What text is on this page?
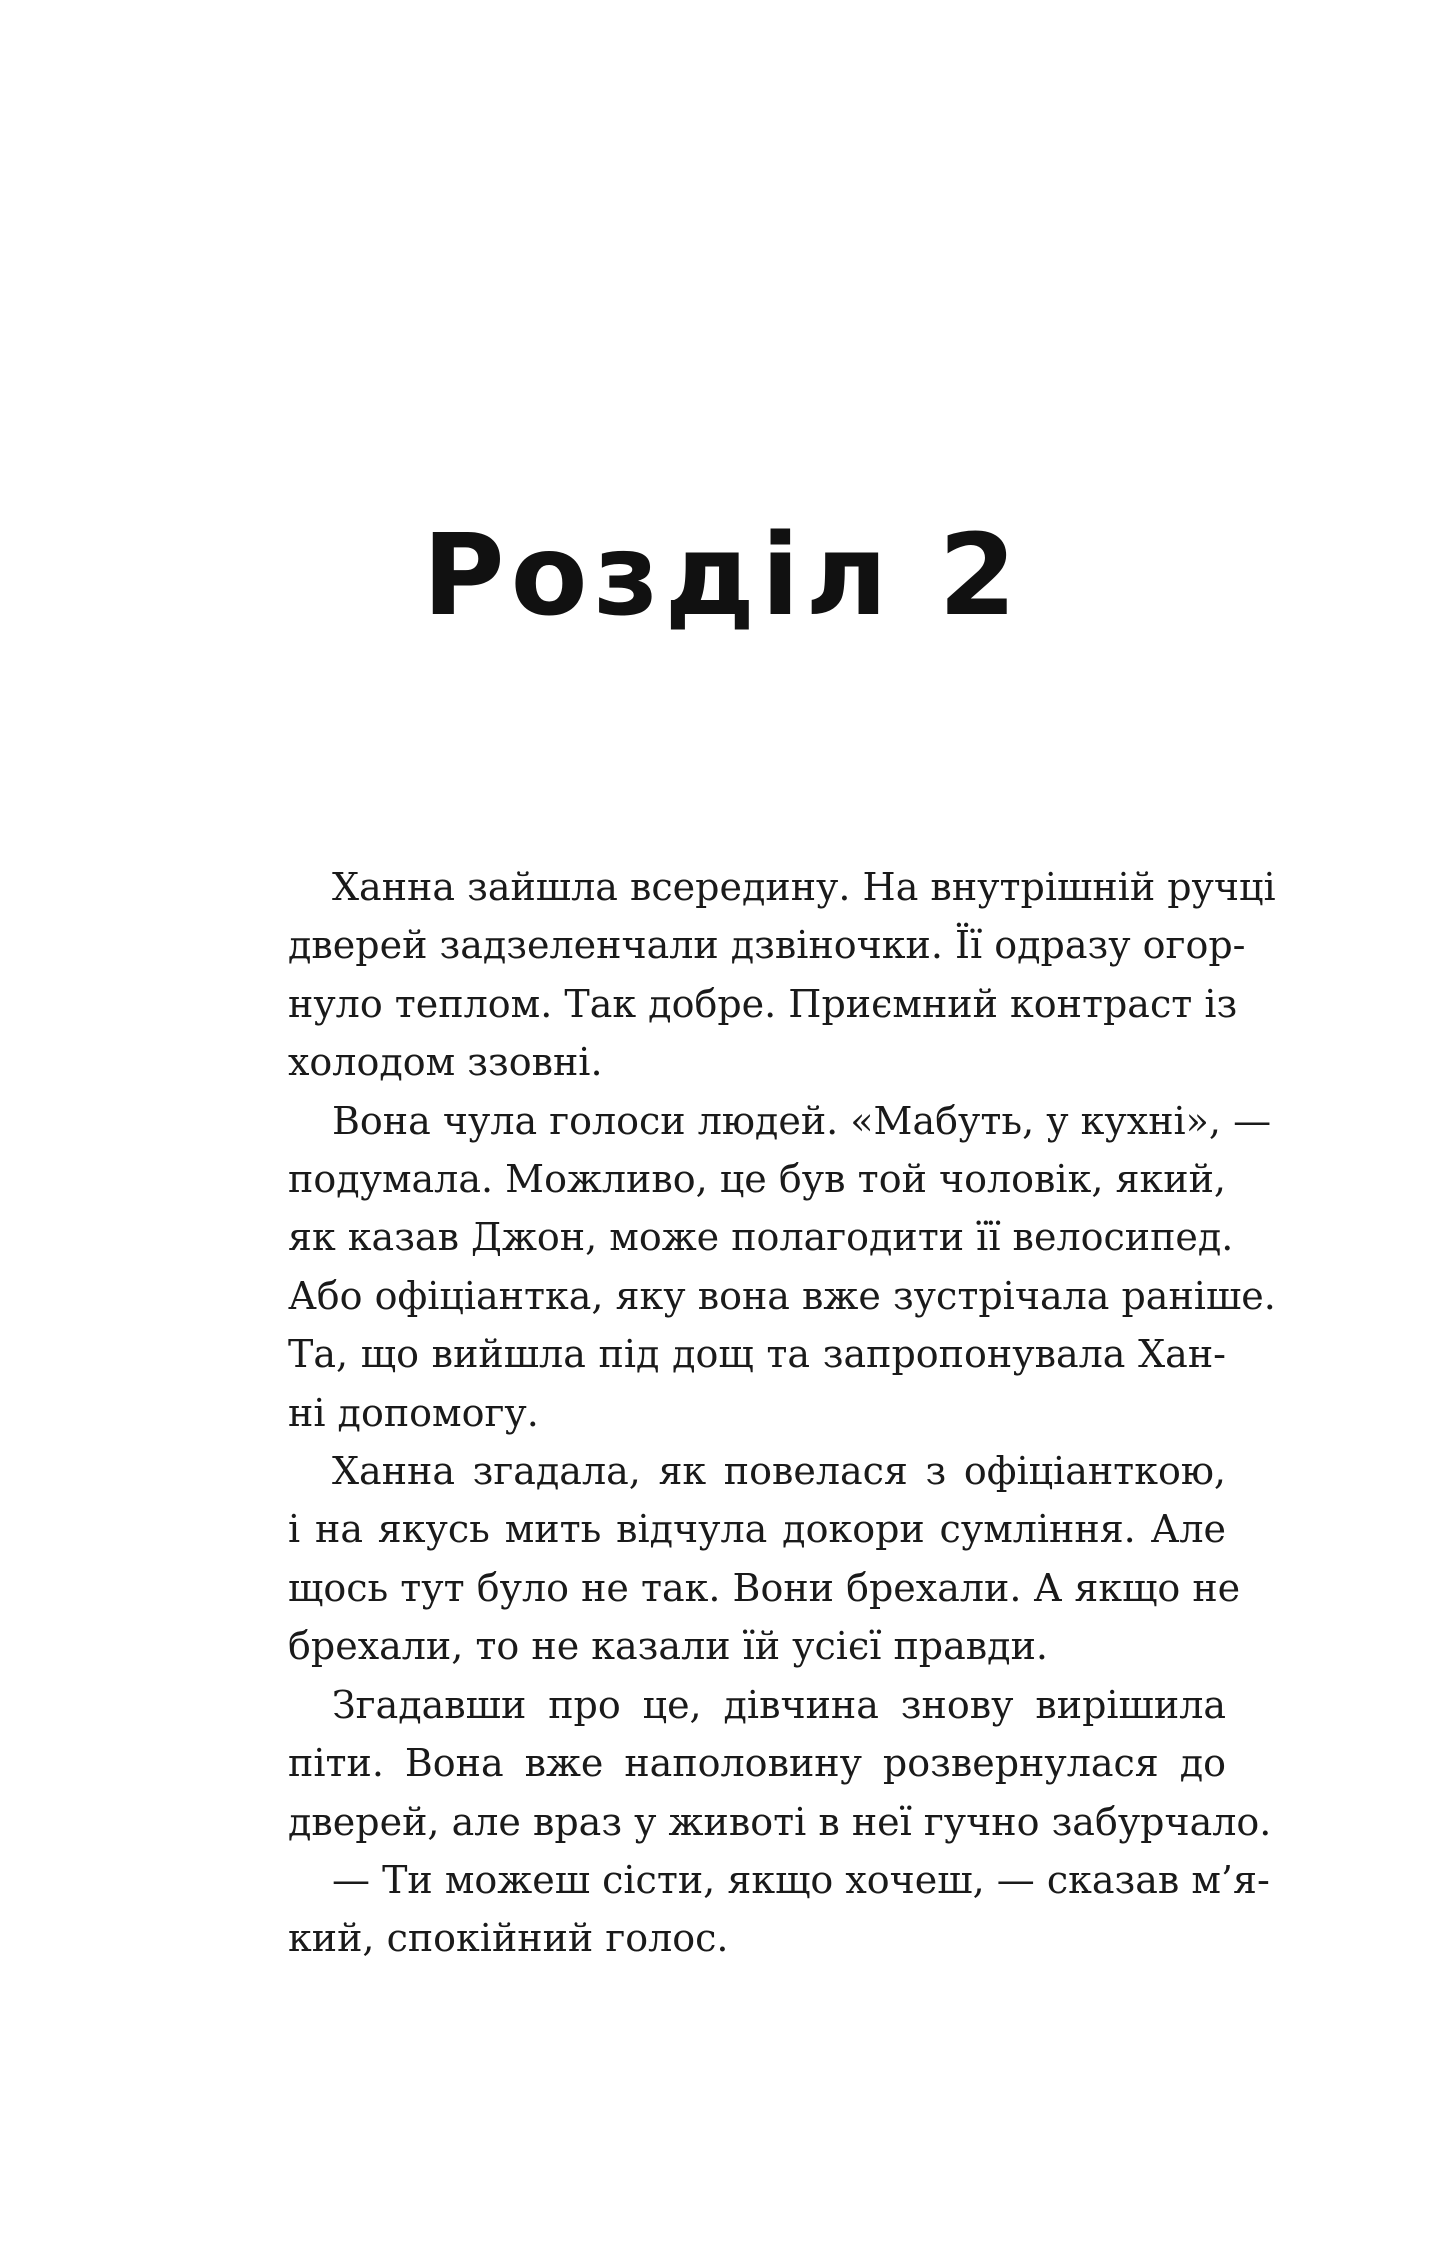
Розділ 2
Ханна зайшла всередину. На внутрішній ручці
дверей задзеленчали дзвіночки. Її одразу огор-
нуло теплом. Так добре. Приємний контраст із
холодом ззовні.
Вона чула голоси людей. «Мабуть, у кухні», —
подумала. Можливо, це був той чоловік, який,
як казав Джон, може полагодити її велосипед.
Або офіціантка, яку вона вже зустрічала раніше.
Та, що вийшла під дощ та запропонувала Хан-
ні допомогу.
Ханна згадала, як повелася з офіціанткою,
і на якусь мить відчула докори сумління. Але
щось тут було не так. Вони брехали. А якщо не
брехали, то не казали їй усієї правди.
Згадавши про це, дівчина знову вирішила
піти. Вона вже наполовину розвернулася до
дверей, але враз у животі в неї гучно забурчало.
— Ти можеш сісти, якщо хочеш, — сказав м’я-
кий, спокійний голос.
